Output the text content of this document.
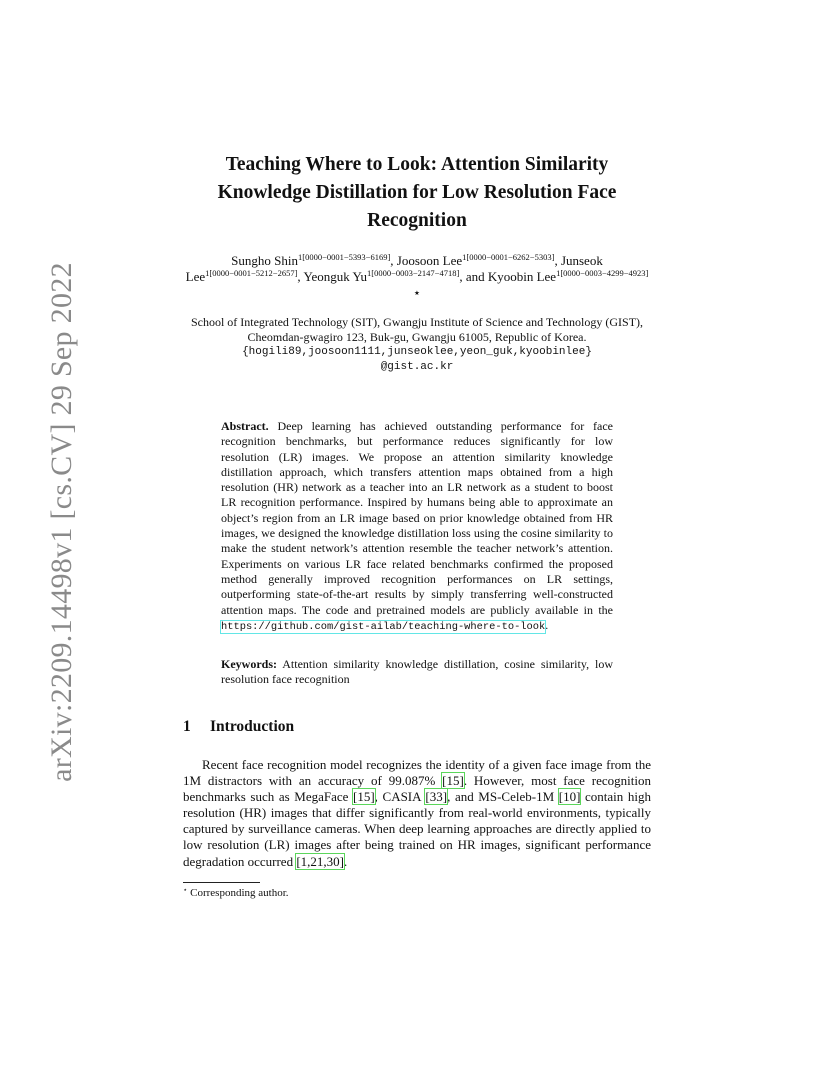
arXiv:2209.14498v1 [cs.CV] 29 Sep 2022
Teaching Where to Look: Attention Similarity Knowledge Distillation for Low Resolution Face Recognition
Sungho Shin$^{1[0000-0001-5393-6169]}$, Joosoon Lee$^{1[0000-0001-6262-5303]}$, Junseok Lee$^{1[0000-0001-5212-2657]}$, Yeonguk $Yu^{1[0000-0003-2147-4718]}$, and Kyoobin Lee$^{1[0000-0003-4299-4923]}$ ⋆
School of Integrated Technology (SIT), Gwangju Institute of Science and Technology (GIST), Cheomdan-gwagiro 123, Buk-gu, Gwangju 61005, Republic of Korea.
{hogili89,joosoon1111,junseoklee,yeon_guk,kyoobinlee}
@gist.ac.kr
Abstract. Deep learning has achieved outstanding performance for face recognition benchmarks, but performance reduces significantly for low resolution (LR) images. We propose an attention similarity knowledge distillation approach, which transfers attention maps obtained from a high resolution (HR) network as a teacher into an LR network as a student to boost LR recognition performance. Inspired by humans being able to approximate an object’s region from an LR image based on prior knowledge obtained from HR images, we designed the knowledge distillation loss using the cosine similarity to make the student network’s attention resemble the teacher network’s attention. Experiments on various LR face related benchmarks confirmed the proposed method generally improved recognition performances on LR settings, outperforming state-of-the-art results by simply transferring well-constructed attention maps. The code and pretrained models are publicly available in the https://github.com/gist-ailab/teaching-where-to-look.
Keywords: Attention similarity knowledge distillation, cosine similarity, low resolution face recognition
1 Introduction

Recent face recognition model recognizes the identity of a given face image from the 1M distractors with an accuracy of 99.087% [15]. However, most face recognition benchmarks such as MegaFace [15], CASIA [33], and MS-Celeb-1M [10] contain high resolution (HR) images that differ significantly from real-world environments, typically captured by surveillance cameras. When deep learning approaches are directly applied to low resolution (LR) images after being trained on HR images, significant performance degradation occurred [1,21,30].

⋆ Corresponding author.
